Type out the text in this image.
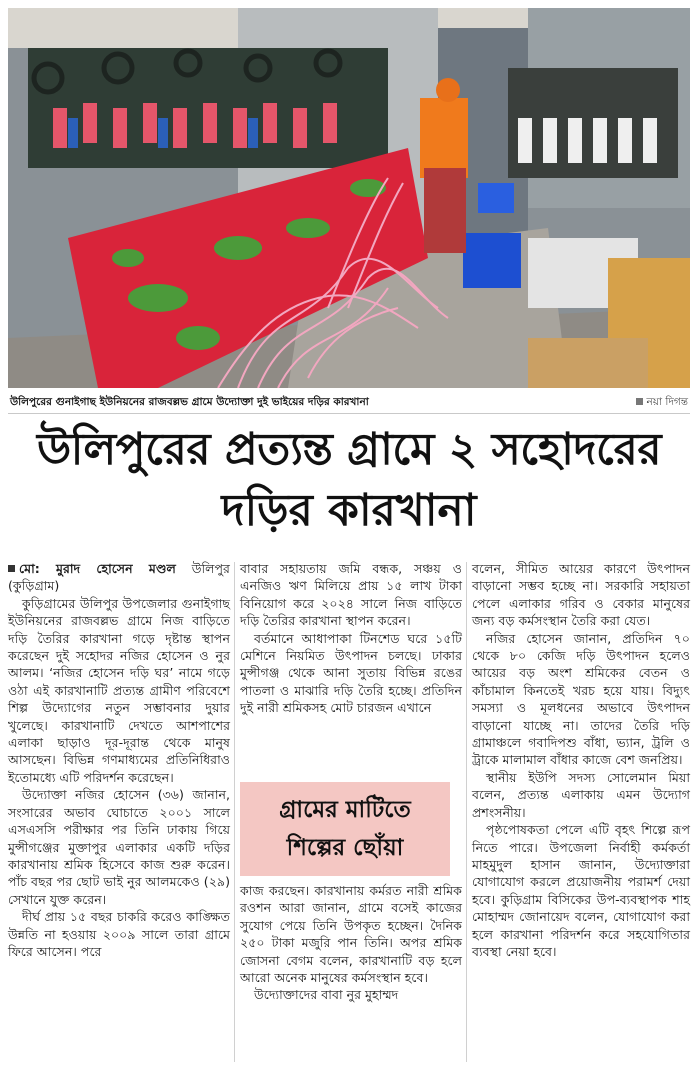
উলিপুরের গুনাইগাছ ইউনিয়নের রাজবল্লভ গ্রামে উদ্যোক্তা দুই ভাইয়ের দড়ির কারখানা	নয়া দিগন্ত
উলিপুরের প্রত্যন্ত গ্রামে ২ সহোদরের
দড়ির কারখানা

মো: মুরাদ হোসেন মণ্ডল উলিপুর (কুড়িগ্রাম)

কুড়িগ্রামের উলিপুর উপজেলার গুনাইগাছ ইউনিয়নের রাজবল্লভ গ্রামে নিজ বাড়িতে দড়ি তৈরির কারখানা গড়ে দৃষ্টান্ত স্থাপন করেছেন দুই সহোদর নজির হোসেন ও নুর আলম। ‘নজির হোসেন দড়ি ঘর’ নামে গড়ে ওঠা এই কারখানাটি প্রত্যন্ত গ্রামীণ পরিবেশে শিল্প উদ্যোগের নতুন সম্ভাবনার দুয়ার খুলেছে। কারখানাটি দেখতে আশপাশের এলাকা ছাড়াও দূর-দূরান্ত থেকে মানুষ আসছেন। বিভিন্ন গণমাধ্যমের প্রতিনিধিরাও ইতোমধ্যে এটি পরিদর্শন করেছেন।

উদ্যোক্তা নজির হোসেন (৩৬) জানান, সংসারের অভাব ঘোচাতে ২০০১ সালে এসএসসি পরীক্ষার পর তিনি ঢাকায় গিয়ে মুন্সীগঞ্জের মুক্তাপুর এলাকার একটি দড়ির কারখানায় শ্রমিক হিসেবে কাজ শুরু করেন। পাঁচ বছর পর ছোট ভাই নুর আলমকেও (২৯) সেখানে যুক্ত করেন।

দীর্ঘ প্রায় ১৫ বছর চাকরি করেও কাঙ্ক্ষিত উন্নতি না হওয়ায় ২০০৯ সালে তারা গ্রামে ফিরে আসেন। পরে

বাবার সহায়তায় জমি বন্ধক, সঞ্চয় ও এনজিও ঋণ মিলিয়ে প্রায় ১৫ লাখ টাকা বিনিয়োগ করে ২০২৪ সালে নিজ বাড়িতে দড়ি তৈরির কারখানা স্থাপন করেন।

বর্তমানে আধাপাকা টিনশেড ঘরে ১৫টি মেশিনে নিয়মিত উৎপাদন চলছে। ঢাকার মুন্সীগঞ্জ থেকে আনা সুতায় বিভিন্ন রঙের পাতলা ও মাঝারি দড়ি তৈরি হচ্ছে। প্রতিদিন দুই নারী শ্রমিকসহ মোট চারজন এখানে

গ্রামের মাটিতে
শিল্পের ছোঁয়া

কাজ করছেন। কারখানায় কর্মরত নারী শ্রমিক রওশন আরা জানান, গ্রামে বসেই কাজের সুযোগ পেয়ে তিনি উপকৃত হচ্ছেন। দৈনিক ২৫০ টাকা মজুরি পান তিনি। অপর শ্রমিক জোসনা বেগম বলেন, কারখানাটি বড় হলে আরো অনেক মানুষের কর্মসংস্থান হবে।

উদ্যোক্তাদের বাবা নুর মুহাম্মদ

বলেন, সীমিত আয়ের কারণে উৎপাদন বাড়ানো সম্ভব হচ্ছে না। সরকারি সহায়তা পেলে এলাকার গরিব ও বেকার মানুষের জন্য বড় কর্মসংস্থান তৈরি করা যেত।

নজির হোসেন জানান, প্রতিদিন ৭০ থেকে ৮০ কেজি দড়ি উৎপাদন হলেও আয়ের বড় অংশ শ্রমিকের বেতন ও কাঁচামাল কিনতেই খরচ হয়ে যায়। বিদ্যুৎ সমস্যা ও মূলধনের অভাবে উৎপাদন বাড়ানো যাচ্ছে না। তাদের তৈরি দড়ি গ্রামাঞ্চলে গবাদিপশু বাঁধা, ভ্যান, ট্রলি ও ট্রাকে মালামাল বাঁধার কাজে বেশ জনপ্রিয়।

স্থানীয় ইউপি সদস্য সোলেমান মিয়া বলেন, প্রত্যন্ত এলাকায় এমন উদ্যোগ প্রশংসনীয়।

পৃষ্ঠপোষকতা পেলে এটি বৃহৎ শিল্পে রূপ নিতে পারে। উপজেলা নির্বাহী কর্মকর্তা মাহমুদুল হাসান জানান, উদ্যোক্তারা যোগাযোগ করলে প্রয়োজনীয় পরামর্শ দেয়া হবে। কুড়িগ্রাম বিসিকের উপ-ব্যবস্থাপক শাহ মোহাম্মদ জোনায়েদ বলেন, যোগাযোগ করা হলে কারখানা পরিদর্শন করে সহযোগিতার ব্যবস্থা নেয়া হবে।
